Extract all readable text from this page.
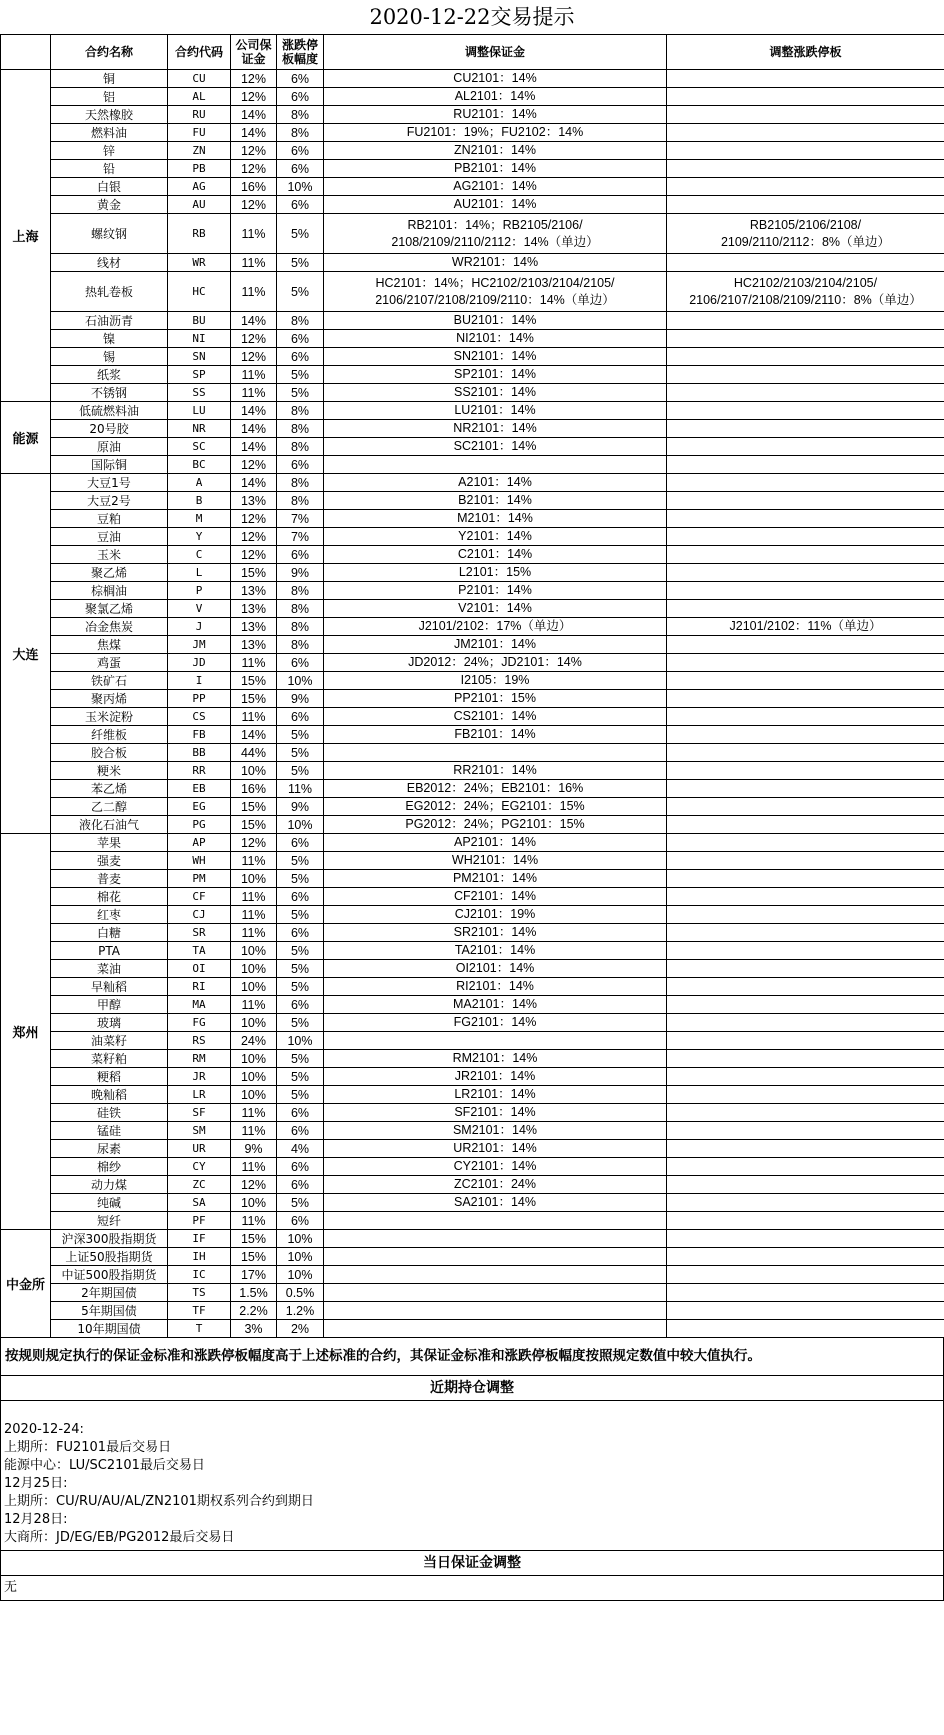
2020-12-22交易提示
	合约名称	合约代码	公司保证金	涨跌停板幅度	调整保证金	调整涨跌停板
上海	铜	CU	12%	6%	CU2101：14%	
	铝	AL	12%	6%	AL2101：14%	
	天然橡胶	RU	14%	8%	RU2101：14%	
	燃料油	FU	14%	8%	FU2101：19%；FU2102：14%	
	锌	ZN	12%	6%	ZN2101：14%	
	铅	PB	12%	6%	PB2101：14%	
	白银	AG	16%	10%	AG2101：14%	
	黄金	AU	12%	6%	AU2101：14%	
	螺纹钢	RB	11%	5%	RB2101：14%；RB2105/2106/
2108/2109/2110/2112：14%（单边）	RB2105/2106/2108/
2109/2110/2112：8%（单边）
	线材	WR	11%	5%	WR2101：14%	
	热轧卷板	HC	11%	5%	HC2101：14%；HC2102/2103/2104/2105/
2106/2107/2108/2109/2110：14%（单边）	HC2102/2103/2104/2105/
2106/2107/2108/2109/2110：8%（单边）
	石油沥青	BU	14%	8%	BU2101：14%	
	镍	NI	12%	6%	NI2101：14%	
	锡	SN	12%	6%	SN2101：14%	
	纸浆	SP	11%	5%	SP2101：14%	
	不锈钢	SS	11%	5%	SS2101：14%	
能源	低硫燃料油	LU	14%	8%	LU2101：14%	
	20号胶	NR	14%	8%	NR2101：14%	
	原油	SC	14%	8%	SC2101：14%	
	国际铜	BC	12%	6%		
大连	大豆1号	A	14%	8%	A2101：14%	
	大豆2号	B	13%	8%	B2101：14%	
	豆粕	M	12%	7%	M2101：14%	
	豆油	Y	12%	7%	Y2101：14%	
	玉米	C	12%	6%	C2101：14%	
	聚乙烯	L	15%	9%	L2101：15%	
	棕榈油	P	13%	8%	P2101：14%	
	聚氯乙烯	V	13%	8%	V2101：14%	
	冶金焦炭	J	13%	8%	J2101/2102：17%（单边）	J2101/2102：11%（单边）
	焦煤	JM	13%	8%	JM2101：14%	
	鸡蛋	JD	11%	6%	JD2012：24%；JD2101：14%	
	铁矿石	I	15%	10%	I2105：19%	
	聚丙烯	PP	15%	9%	PP2101：15%	
	玉米淀粉	CS	11%	6%	CS2101：14%	
	纤维板	FB	14%	5%	FB2101：14%	
	胶合板	BB	44%	5%		
	粳米	RR	10%	5%	RR2101：14%	
	苯乙烯	EB	16%	11%	EB2012：24%；EB2101：16%	
	乙二醇	EG	15%	9%	EG2012：24%；EG2101：15%	
	液化石油气	PG	15%	10%	PG2012：24%；PG2101：15%	
郑州	苹果	AP	12%	6%	AP2101：14%	
	强麦	WH	11%	5%	WH2101：14%	
	普麦	PM	10%	5%	PM2101：14%	
	棉花	CF	11%	6%	CF2101：14%	
	红枣	CJ	11%	5%	CJ2101：19%	
	白糖	SR	11%	6%	SR2101：14%	
	PTA	TA	10%	5%	TA2101：14%	
	菜油	OI	10%	5%	OI2101：14%	
	早籼稻	RI	10%	5%	RI2101：14%	
	甲醇	MA	11%	6%	MA2101：14%	
	玻璃	FG	10%	5%	FG2101：14%	
	油菜籽	RS	24%	10%		
	菜籽粕	RM	10%	5%	RM2101：14%	
	粳稻	JR	10%	5%	JR2101：14%	
	晚籼稻	LR	10%	5%	LR2101：14%	
	硅铁	SF	11%	6%	SF2101：14%	
	锰硅	SM	11%	6%	SM2101：14%	
	尿素	UR	9%	4%	UR2101：14%	
	棉纱	CY	11%	6%	CY2101：14%	
	动力煤	ZC	12%	6%	ZC2101：24%	
	纯碱	SA	10%	5%	SA2101：14%	
	短纤	PF	11%	6%		
中金所	沪深300股指期货	IF	15%	10%		
	上证50股指期货	IH	15%	10%		
	中证500股指期货	IC	17%	10%		
	2年期国债	TS	1.5%	0.5%		
	5年期国债	TF	2.2%	1.2%		
	10年期国债	T	3%	2%		
按规则规定执行的保证金标准和涨跌停板幅度高于上述标准的合约，其保证金标准和涨跌停板幅度按照规定数值中较大值执行。
近期持仓调整
2020-12-24:
上期所：FU2101最后交易日
能源中心：LU/SC2101最后交易日
12月25日:
上期所：CU/RU/AU/AL/ZN2101期权系列合约到期日
12月28日:
大商所：JD/EG/EB/PG2012最后交易日
当日保证金调整
无
